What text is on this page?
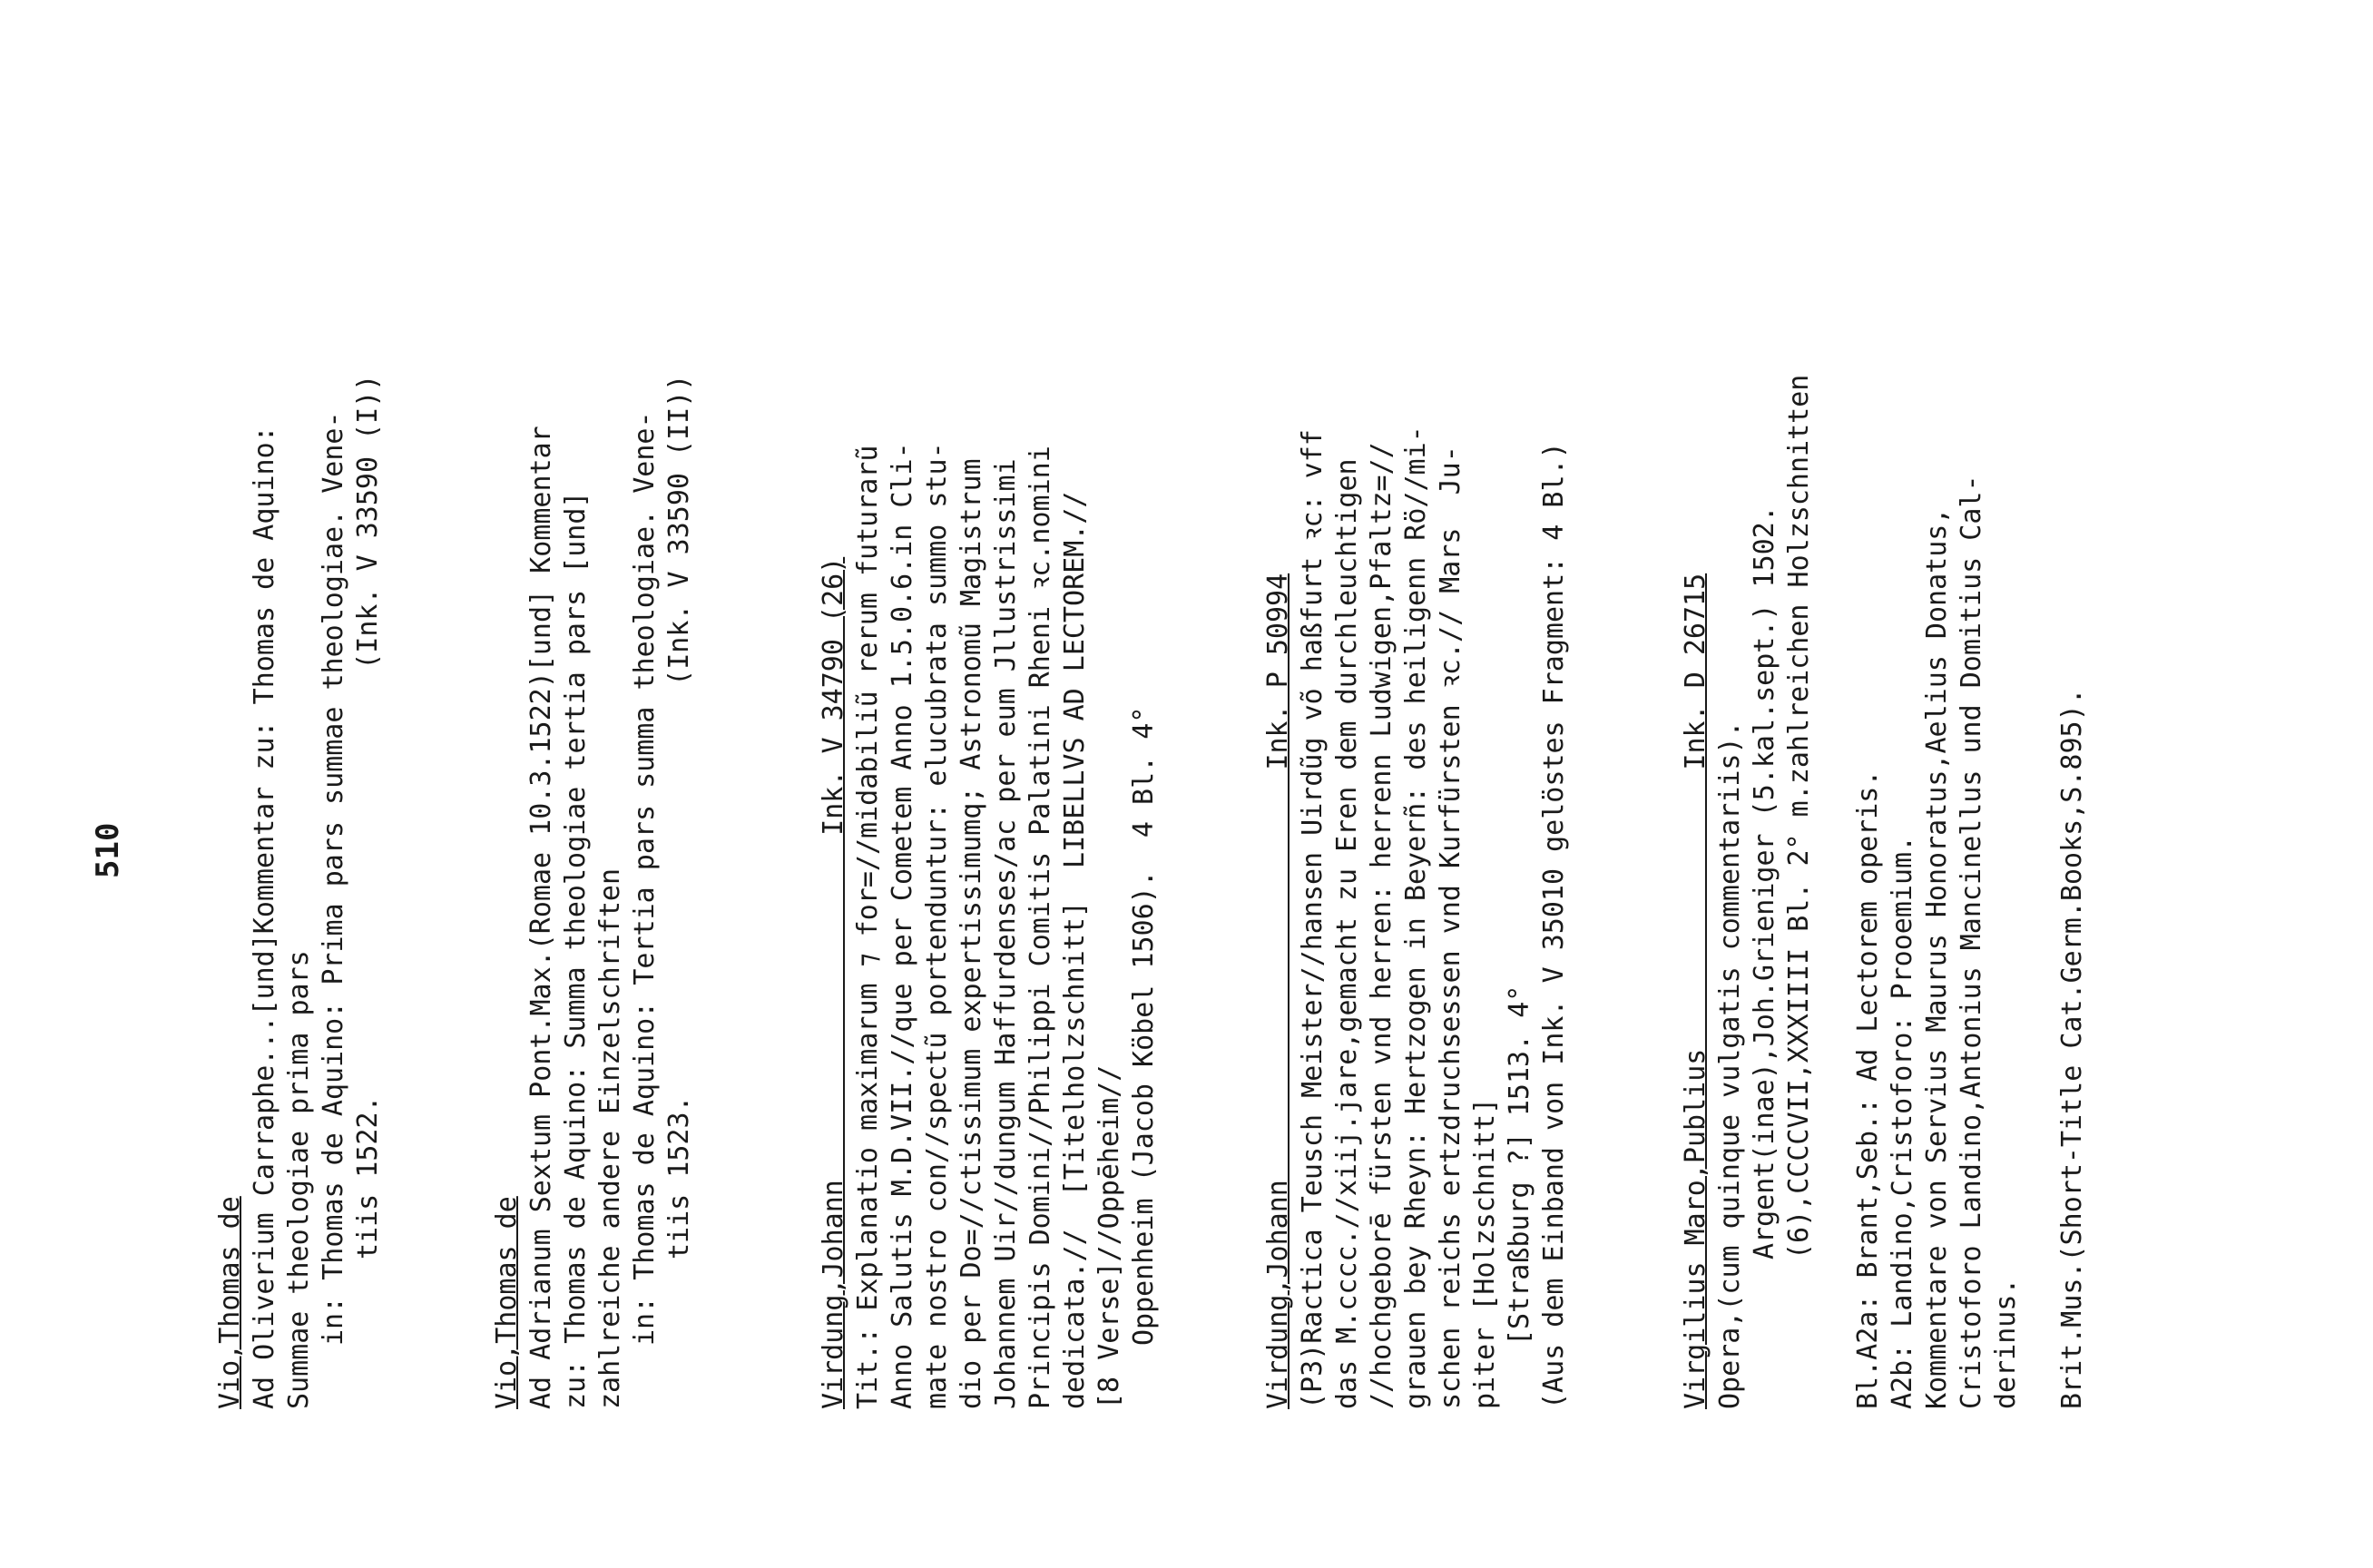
510
Vio,Thomas de Ad Oliverium Carraphe...[und]Kommentar zu: Thomas de Aquino: Summae theologiae prima pars in: Thomas de Aquino: Prima pars summae theologiae. Vene- tiis 1522.                          (Ink. V 33590 (I))
Vio,Thomas de Ad Adrianum Sextum Pont.Max.(Romae 10.3.1522)[und] Kommentar zu: Thomas de Aquino: Summa theologiae tertia pars [und] zahlreiche andere Einzelschriften in: Thomas de Aquino: Tertia pars summa theologiae. Vene- tiis 1523.                         (Ink. V 33590 (II))	Virdung,Johann                     Ink. V 34790 (26) Tit.: Explanatio maximarum ⁊ for=//midabiliũ rerum futurarũ Anno Salutis M.D.VII.//que per Cometem Anno 1.5.0.6.in Cli- mate nostro con//spectũ portenduntur: elucubrata summo stu- dio per Do=//ctissimum expertissimumq; Astronomũ Magistrum Johannem Uir//dungum Haffurdenses/ac per eum Jllustrissimi Principis Domini//Philippi Comitis Palatini Rheni ꝛc.nomini dedicata.//  [Titelholzschnitt]  LIBELLVS AD LECTOREM.// [8 Verse]//Oppēheim// Oppenheim (Jacob Köbel 1506).  4 Bl. 4°	Virdung,Johann                         Ink. P 50994 (P3)Ractica Teusch Meister//hansen Uirdũg võ haßfurt ꝛc: vff das M.cccc.//xiij.jare,gemacht zu Eren dem durchleuchtigen //hochgeborē fürsten vnd herren: herrenn Ludwigen,Pfaltz=// grauen bey Rheyn: Hertzogen in Beyerñ: des heiligenn Rö//mi- schen reichs ertzdruchsessen vnd Kurfürsten ꝛc.// Mars  Ju- piter [Holzschnitt] [Straßburg ?] 1513. 4° (Aus dem Einband von Ink. V 35010 gelöstes Fragment: 4 Bl.)	Virgilius Maro,Publius                 Ink. D 26715 Opera,(cum quinque vulgatis commentariis). Argent(inae),Joh.Grieniger (5.kal.sept.) 1502. (6),CCCCVII,XXXIIII Bl. 2° m.zahlreichen Holzschnitten Bl.A2a: Brant,Seb.: Ad Lectorem operis. A2b: Landino,Cristoforo: Prooemium. Kommentare von Servius Maurus Honoratus,Aelius Donatus, Cristoforo Landino,Antonius Mancinellus und Domitius Cal- derinus. Brit.Mus.(Short-Title Cat.Germ.Books,S.895).
